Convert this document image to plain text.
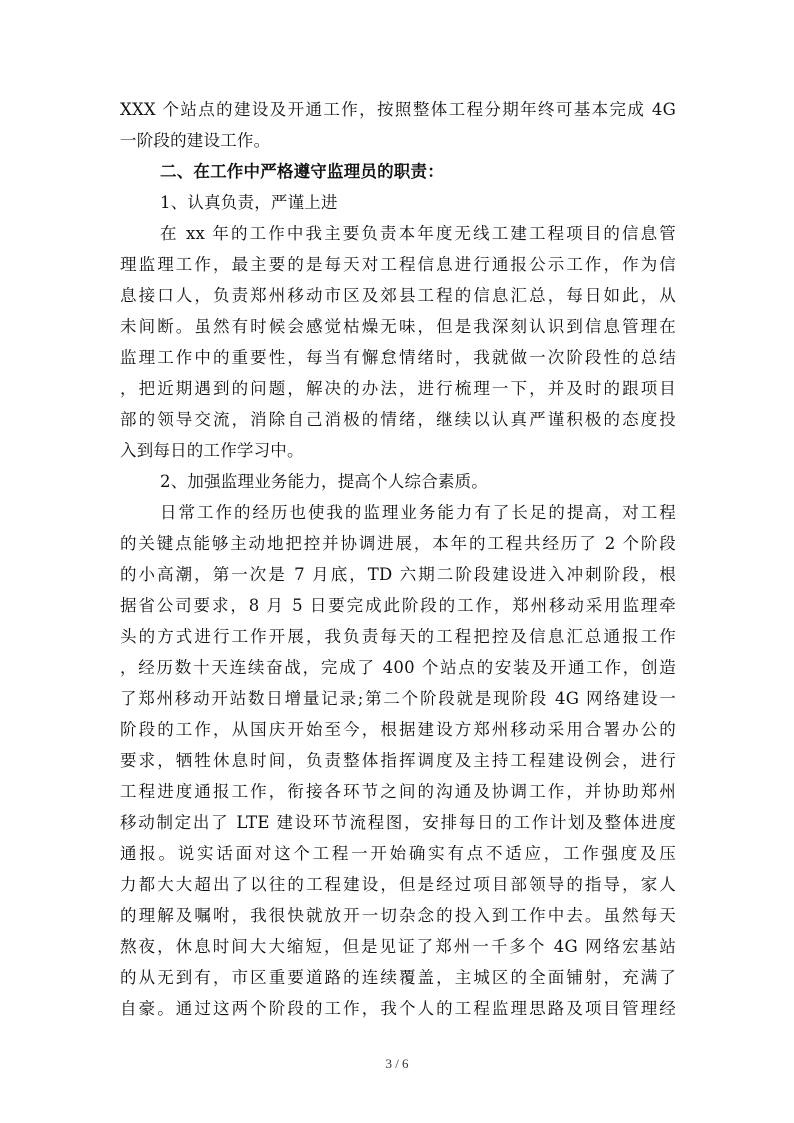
XXX 个站点的建设及开通工作，按照整体工程分期年终可基本完成 4G
一阶段的建设工作。
二、在工作中严格遵守监理员的职责：
1、认真负责，严谨上进
在 xx 年的工作中我主要负责本年度无线工建工程项目的信息管
理监理工作，最主要的是每天对工程信息进行通报公示工作，作为信
息接口人，负责郑州移动市区及郊县工程的信息汇总，每日如此，从
未间断。虽然有时候会感觉枯燥无味，但是我深刻认识到信息管理在
监理工作中的重要性，每当有懈怠情绪时，我就做一次阶段性的总结
，把近期遇到的问题，解决的办法，进行梳理一下，并及时的跟项目
部的领导交流，消除自己消极的情绪，继续以认真严谨积极的态度投
入到每日的工作学习中。
2、加强监理业务能力，提高个人综合素质。
日常工作的经历也使我的监理业务能力有了长足的提高，对工程
的关键点能够主动地把控并协调进展，本年的工程共经历了 2 个阶段
的小高潮，第一次是 7 月底，TD 六期二阶段建设进入冲刺阶段，根
据省公司要求，8 月 5 日要完成此阶段的工作，郑州移动采用监理牵
头的方式进行工作开展，我负责每天的工程把控及信息汇总通报工作
，经历数十天连续奋战，完成了 400 个站点的安装及开通工作，创造
了郑州移动开站数日增量记录;第二个阶段就是现阶段 4G 网络建设一
阶段的工作，从国庆开始至今，根据建设方郑州移动采用合署办公的
要求，牺牲休息时间，负责整体指挥调度及主持工程建设例会，进行
工程进度通报工作，衔接各环节之间的沟通及协调工作，并协助郑州
移动制定出了 LTE 建设环节流程图，安排每日的工作计划及整体进度
通报。说实话面对这个工程一开始确实有点不适应，工作强度及压
力都大大超出了以往的工程建设，但是经过项目部领导的指导，家人
的理解及嘱咐，我很快就放开一切杂念的投入到工作中去。虽然每天
熬夜，休息时间大大缩短，但是见证了郑州一千多个 4G 网络宏基站
的从无到有，市区重要道路的连续覆盖，主城区的全面铺射，充满了
自豪。通过这两个阶段的工作，我个人的工程监理思路及项目管理经
3 / 6
